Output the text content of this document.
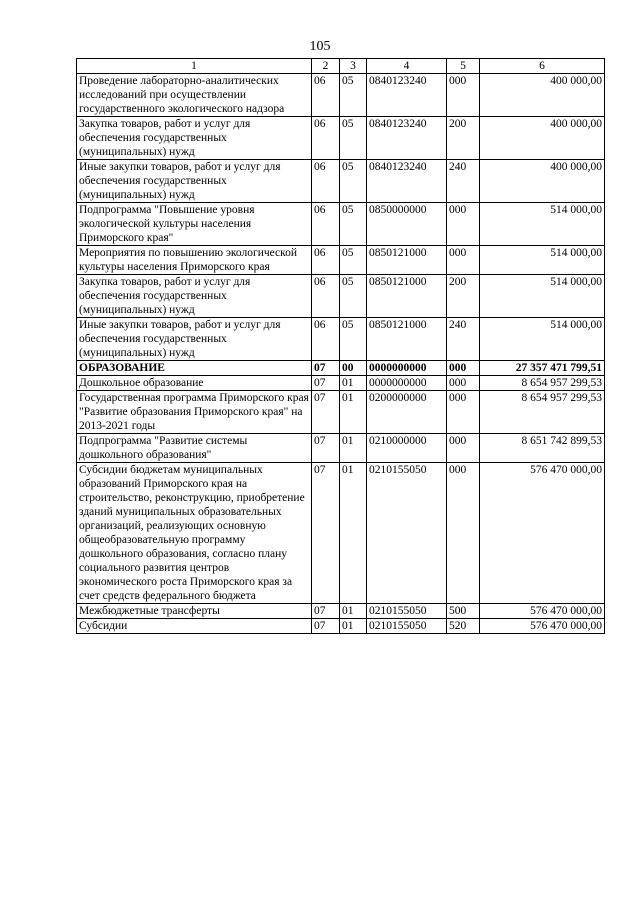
105
1	2	3	4	5	6
Проведение лабораторно-аналитических исследований при осуществлении государственного экологического надзора	06	05	0840123240	000	400 000,00
Закупка товаров, работ и услуг для обеспечения государственных (муниципальных) нужд	06	05	0840123240	200	400 000,00
Иные закупки товаров, работ и услуг для обеспечения государственных (муниципальных) нужд	06	05	0840123240	240	400 000,00
Подпрограмма "Повышение уровня экологической культуры населения Приморского края"	06	05	0850000000	000	514 000,00
Мероприятия по повышению экологической культуры населения Приморского края	06	05	0850121000	000	514 000,00
Закупка товаров, работ и услуг для обеспечения государственных (муниципальных) нужд	06	05	0850121000	200	514 000,00
Иные закупки товаров, работ и услуг для обеспечения государственных (муниципальных) нужд	06	05	0850121000	240	514 000,00
ОБРАЗОВАНИЕ	07	00	0000000000	000	27 357 471 799,51
Дошкольное образование	07	01	0000000000	000	8 654 957 299,53
Государственная программа Приморского края "Развитие образования Приморского края" на 2013-2021 годы	07	01	0200000000	000	8 654 957 299,53
Подпрограмма "Развитие системы дошкольного образования"	07	01	0210000000	000	8 651 742 899,53
Субсидии бюджетам муниципальных образований Приморского края на строительство, реконструкцию, приобретение зданий муниципальных образовательных организаций, реализующих основную общеобразовательную программу дошкольного образования, согласно плану социального развития центров экономического роста Приморского края за счет средств федерального бюджета	07	01	0210155050	000	576 470 000,00
Межбюджетные трансферты	07	01	0210155050	500	576 470 000,00
Субсидии	07	01	0210155050	520	576 470 000,00
